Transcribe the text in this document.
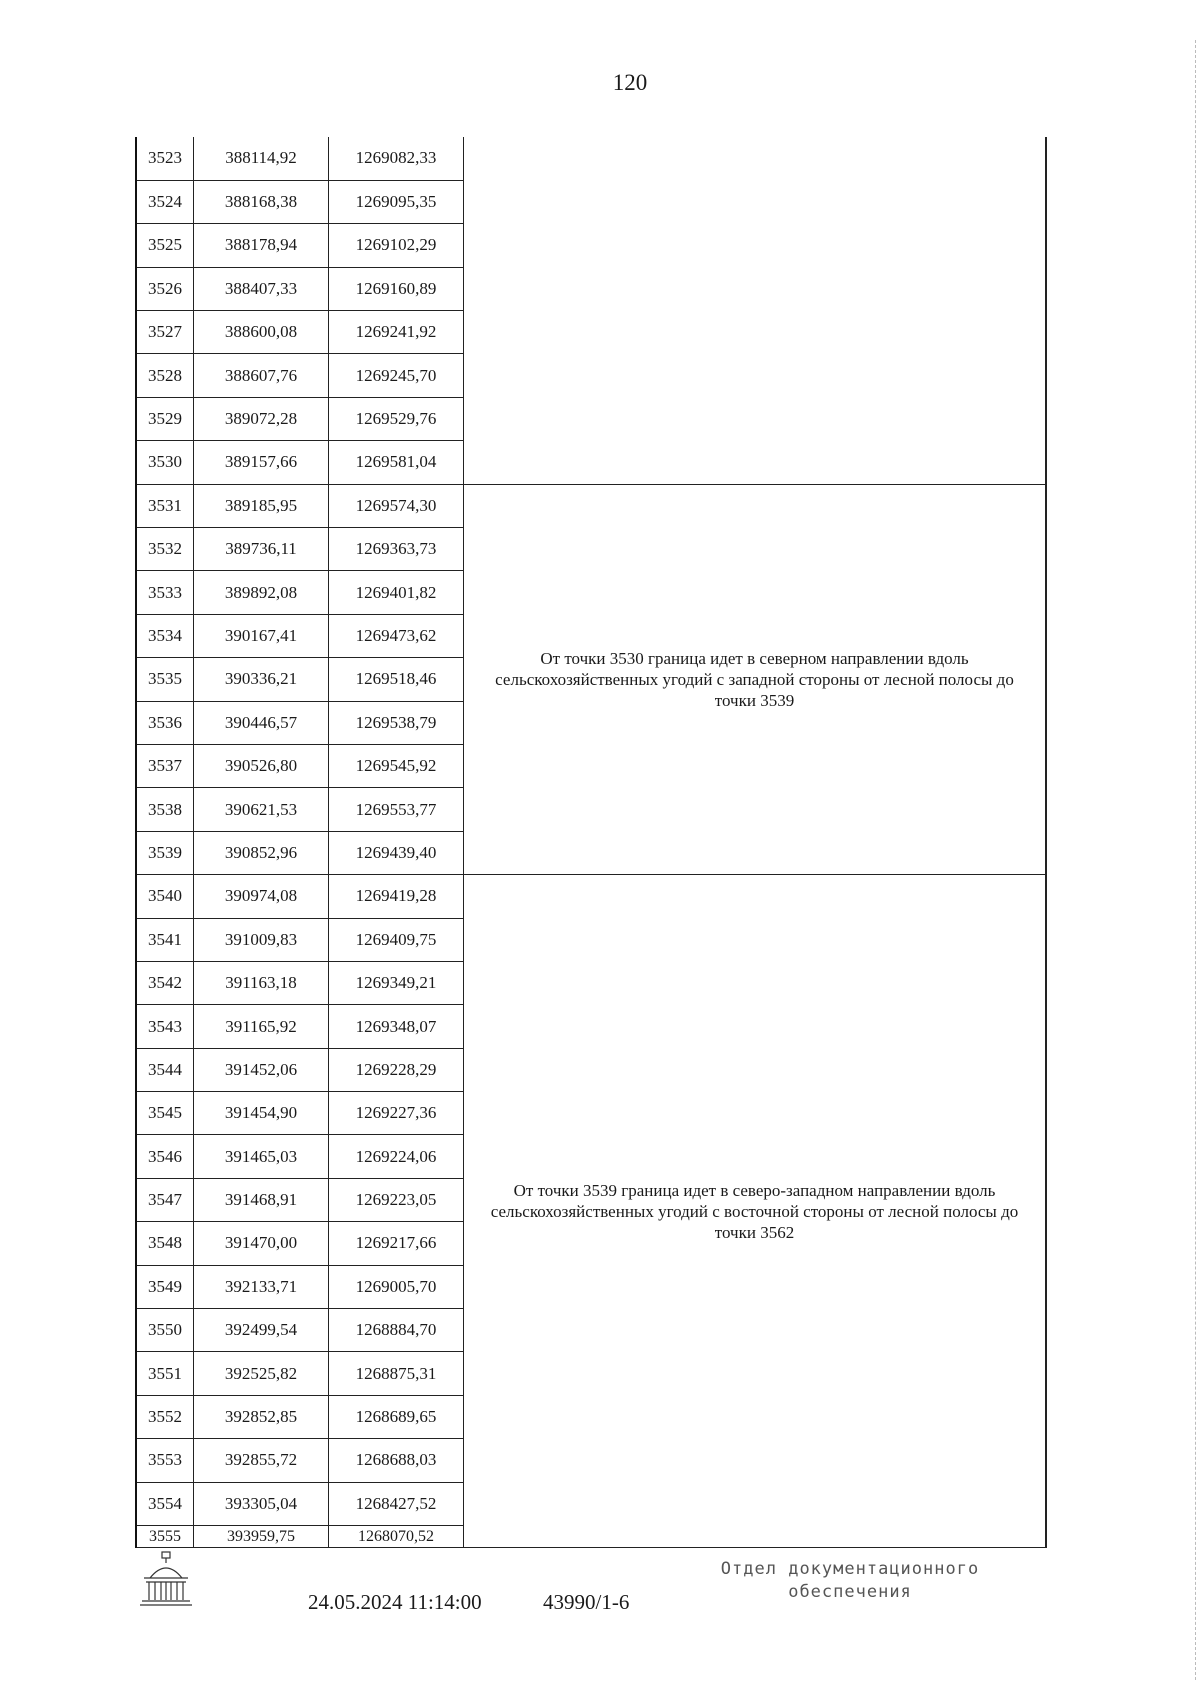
120
3523	388114,92	1269082,33	
3524	388168,38	1269095,35	
3525	388178,94	1269102,29	
3526	388407,33	1269160,89	
3527	388600,08	1269241,92	
3528	388607,76	1269245,70	
3529	389072,28	1269529,76	
3530	389157,66	1269581,04	
3531	389185,95	1269574,30	От точки 3530 граница идет в северном направлении вдоль сельскохозяйственных угодий с западной стороны от лесной полосы до точки 3539
3532	389736,11	1269363,73	
3533	389892,08	1269401,82	
3534	390167,41	1269473,62	
3535	390336,21	1269518,46	
3536	390446,57	1269538,79	
3537	390526,80	1269545,92	
3538	390621,53	1269553,77	
3539	390852,96	1269439,40	
3540	390974,08	1269419,28	От точки 3539 граница идет в северо-западном направлении вдоль сельскохозяйственных угодий с восточной стороны от лесной полосы до точки 3562
3541	391009,83	1269409,75	
3542	391163,18	1269349,21	
3543	391165,92	1269348,07	
3544	391452,06	1269228,29	
3545	391454,90	1269227,36	
3546	391465,03	1269224,06	
3547	391468,91	1269223,05	
3548	391470,00	1269217,66	
3549	392133,71	1269005,70	
3550	392499,54	1268884,70	
3551	392525,82	1268875,31	
3552	392852,85	1268689,65	
3553	392855,72	1268688,03	
3554	393305,04	1268427,52	
3555	393959,75	1268070,52	
24.05.2024 11:14:00	43990/1-6
Отдел документационного
обеспечения
